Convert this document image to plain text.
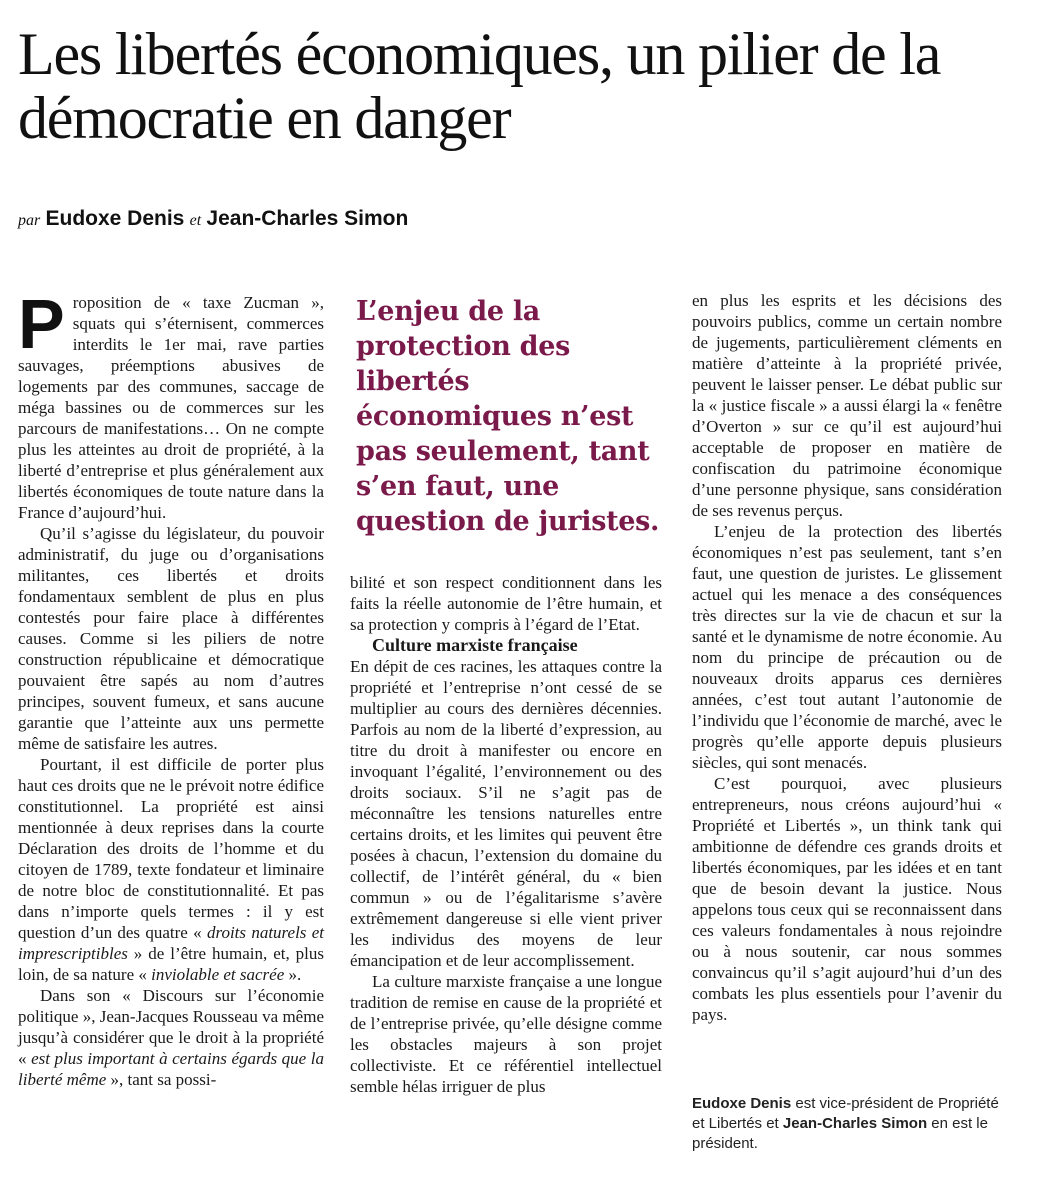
Les libertés économiques, un pilier de la démocratie en danger
par Eudoxe Denis et Jean-Charles Simon

Proposition de « taxe Zucman », squats qui s’éternisent, commerces interdits le 1er mai, rave parties sauvages, préemptions abusives de logements par des communes, saccage de méga bassines ou de commerces sur les parcours de manifestations… On ne compte plus les atteintes au droit de propriété, à la liberté d’entreprise et plus généralement aux libertés économiques de toute nature dans la France d’aujourd’hui.

Qu’il s’agisse du législateur, du pouvoir administratif, du juge ou d’organisations militantes, ces libertés et droits fondamentaux semblent de plus en plus contestés pour faire place à différentes causes. Comme si les piliers de notre construction républicaine et démocratique pouvaient être sapés au nom d’autres principes, souvent fumeux, et sans aucune garantie que l’atteinte aux uns permette même de satisfaire les autres.

Pourtant, il est difficile de porter plus haut ces droits que ne le prévoit notre édifice constitutionnel. La propriété est ainsi mentionnée à deux reprises dans la courte Déclaration des droits de l’homme et du citoyen de 1789, texte fondateur et liminaire de notre bloc de constitutionnalité. Et pas dans n’importe quels termes : il y est question d’un des quatre « droits naturels et imprescriptibles » de l’être humain, et, plus loin, de sa nature « inviolable et sacrée ».

Dans son « Discours sur l’économie politique », Jean-Jacques Rousseau va même jusqu’à considérer que le droit à la propriété « est plus important à certains égards que la liberté même », tant sa possi-

L’enjeu de la protection des libertés économiques n’est pas seulement, tant s’en faut, une question de juristes.

bilité et son respect conditionnent dans les faits la réelle autonomie de l’être humain, et sa protection y compris à l’égard de l’Etat.

Culture marxiste française

En dépit de ces racines, les attaques contre la propriété et l’entreprise n’ont cessé de se multiplier au cours des dernières décennies. Parfois au nom de la liberté d’expression, au titre du droit à manifester ou encore en invoquant l’égalité, l’environnement ou des droits sociaux. S’il ne s’agit pas de méconnaître les tensions naturelles entre certains droits, et les limites qui peuvent être posées à chacun, l’extension du domaine du collectif, de l’intérêt général, du « bien commun » ou de l’égalitarisme s’avère extrêmement dangereuse si elle vient priver les individus des moyens de leur émancipation et de leur accomplissement.

La culture marxiste française a une longue tradition de remise en cause de la propriété et de l’entreprise privée, qu’elle désigne comme les obstacles majeurs à son projet collectiviste. Et ce référentiel intellectuel semble hélas irriguer de plus

en plus les esprits et les décisions des pouvoirs publics, comme un certain nombre de jugements, particulièrement cléments en matière d’atteinte à la propriété privée, peuvent le laisser penser. Le débat public sur la « justice fiscale » a aussi élargi la « fenêtre d’Overton » sur ce qu’il est aujourd’hui acceptable de proposer en matière de confiscation du patrimoine économique d’une personne physique, sans considération de ses revenus perçus.

L’enjeu de la protection des libertés économiques n’est pas seulement, tant s’en faut, une question de juristes. Le glissement actuel qui les menace a des conséquences très directes sur la vie de chacun et sur la santé et le dynamisme de notre économie. Au nom du principe de précaution ou de nouveaux droits apparus ces dernières années, c’est tout autant l’autonomie de l’individu que l’économie de marché, avec le progrès qu’elle apporte depuis plusieurs siècles, qui sont menacés.

C’est pourquoi, avec plusieurs entrepreneurs, nous créons aujourd’hui « Propriété et Libertés », un think tank qui ambitionne de défendre ces grands droits et libertés économiques, par les idées et en tant que de besoin devant la justice. Nous appelons tous ceux qui se reconnaissent dans ces valeurs fondamentales à nous rejoindre ou à nous soutenir, car nous sommes convaincus qu’il s’agit aujourd’hui d’un des combats les plus essentiels pour l’avenir du pays.

Eudoxe Denis est vice-président de Propriété et Libertés et Jean-Charles Simon en est le président.
